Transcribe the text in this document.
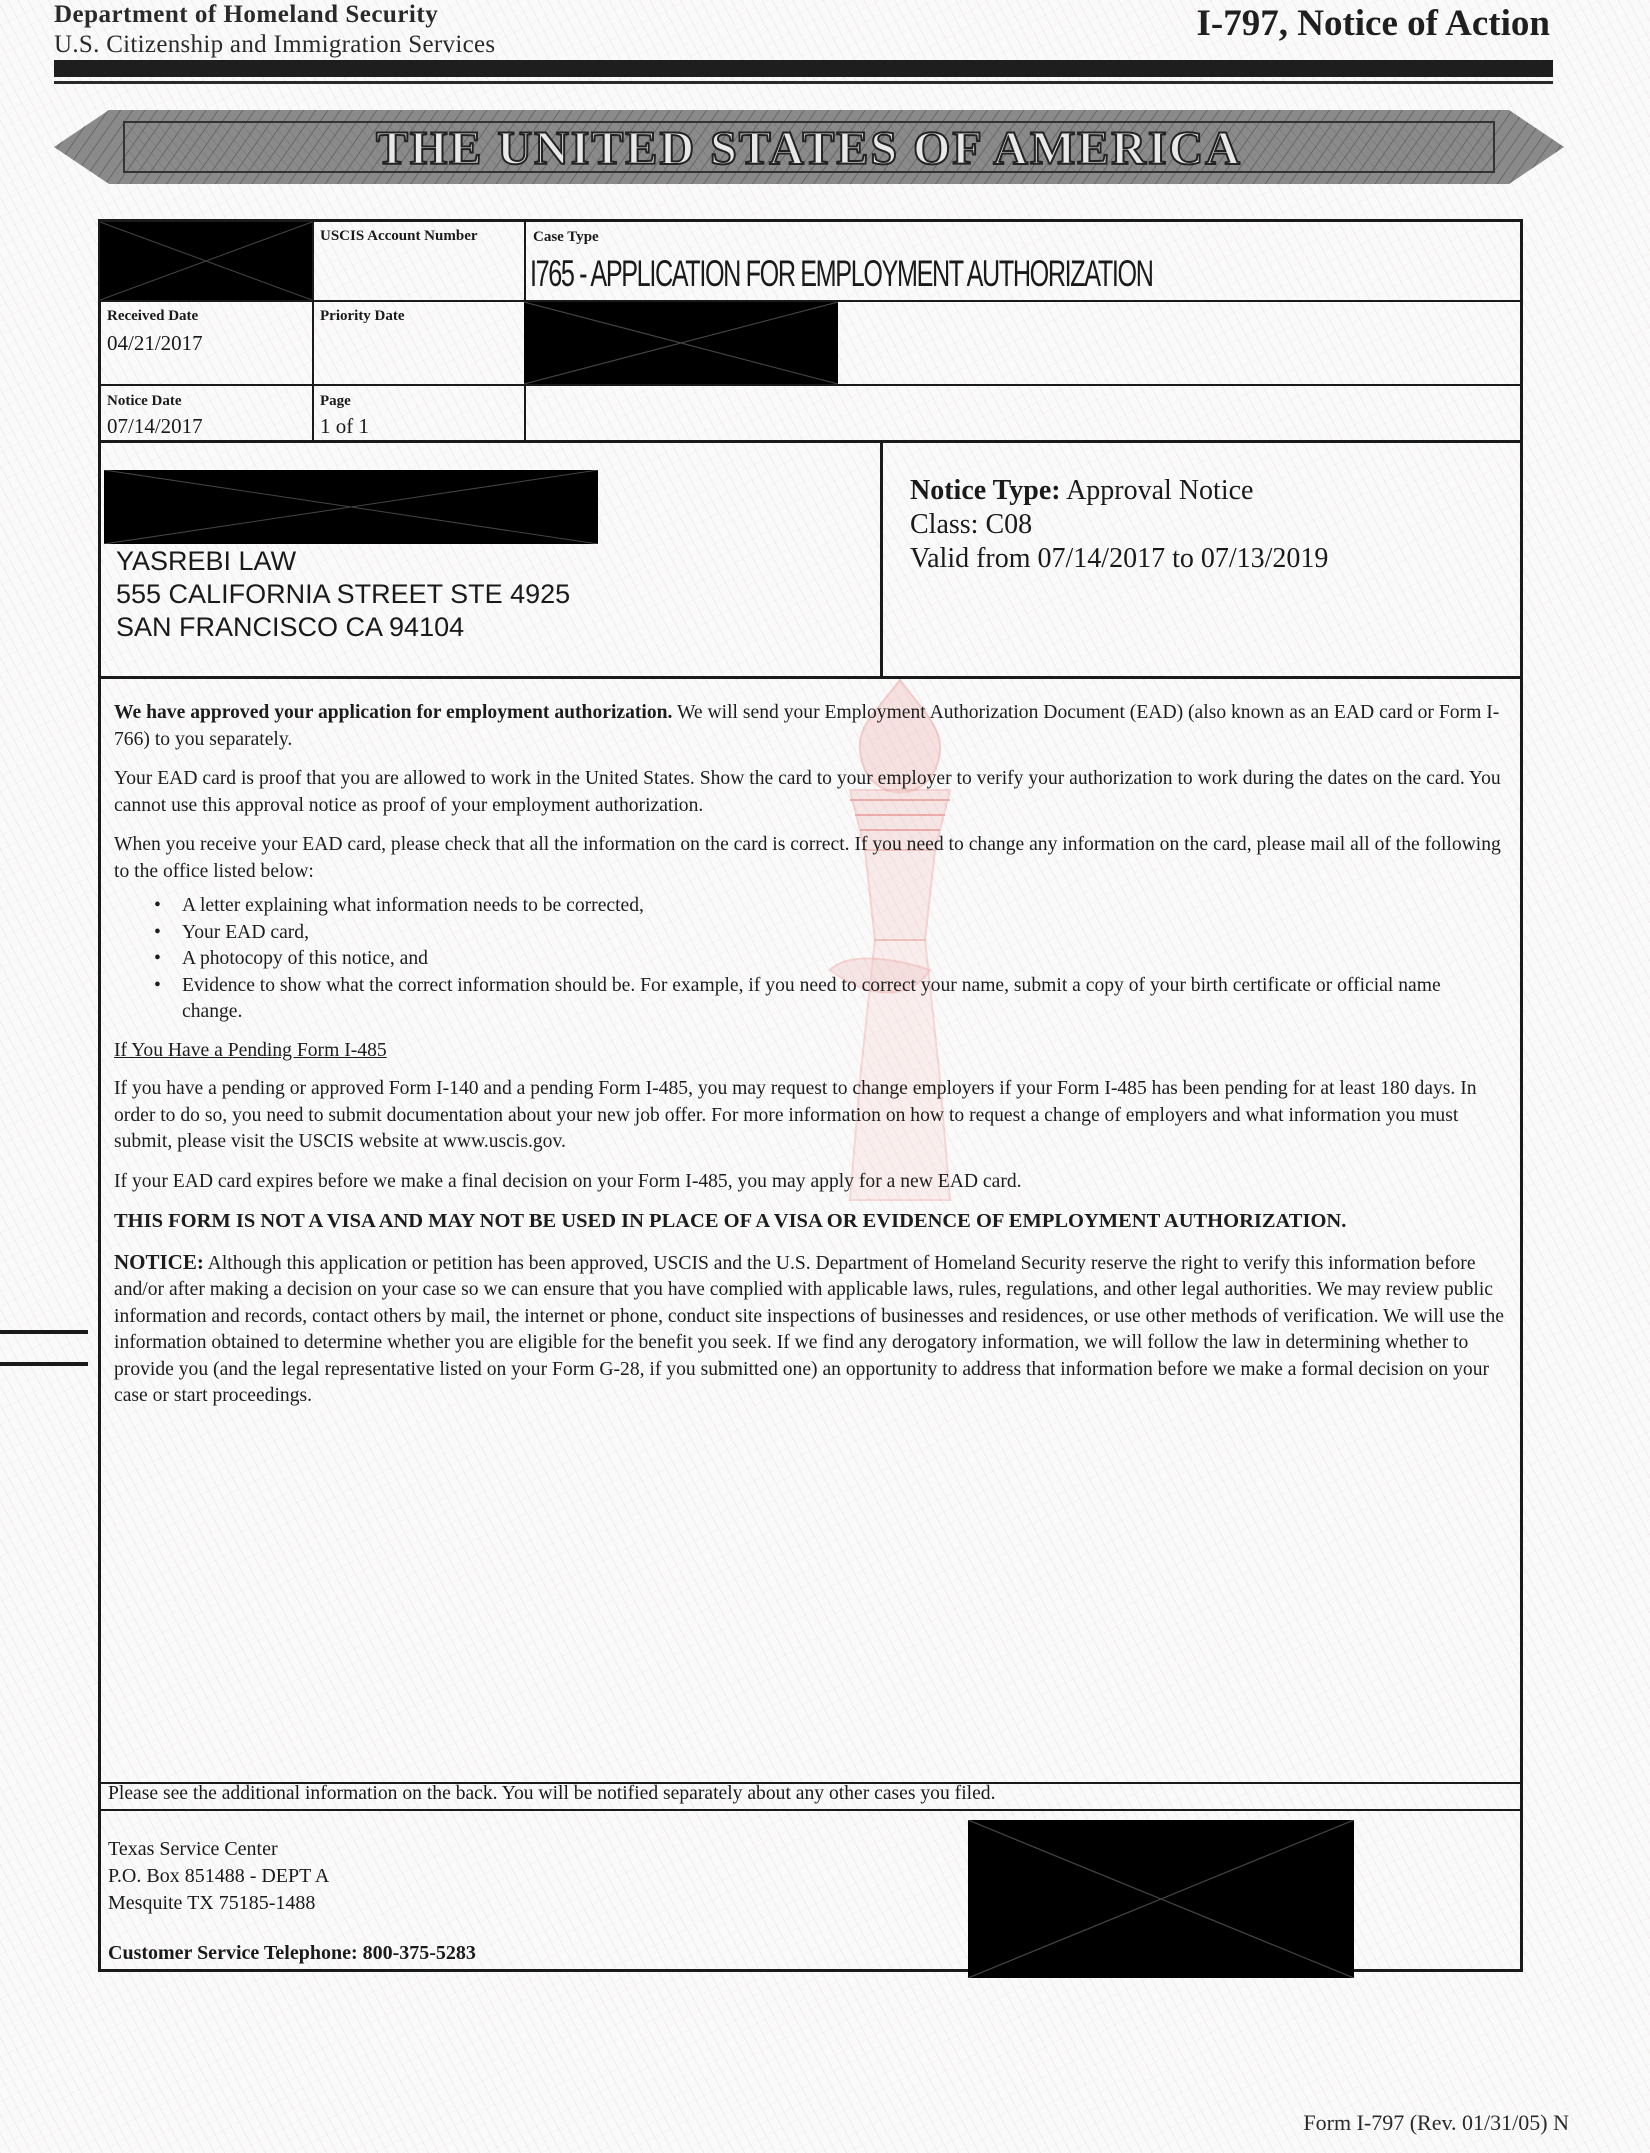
Department of Homeland Security
U.S. Citizenship and Immigration Services
I-797, Notice of Action
THE UNITED STATES OF AMERICA
USCIS Account Number	Case Type
I765 - APPLICATION FOR EMPLOYMENT AUTHORIZATION
Received Date
04/21/2017
Priority Date
Notice Date
07/14/2017
Page
1 of 1
YASREBI LAW
555 CALIFORNIA STREET STE 4925
SAN FRANCISCO CA 94104
Notice Type: Approval Notice
Class: C08
Valid from 07/14/2017 to 07/13/2019

We have approved your application for employment authorization. We will send your Employment Authorization Document (EAD) (also known as an EAD card or Form I-766) to you separately.

Your EAD card is proof that you are allowed to work in the United States. Show the card to your employer to verify your authorization to work during the dates on the card. You cannot use this approval notice as proof of your employment authorization.

When you receive your EAD card, please check that all the information on the card is correct. If you need to change any information on the card, please mail all of the following to the office listed below:

• A letter explaining what information needs to be corrected,
• Your EAD card,
• A photocopy of this notice, and
• Evidence to show what the correct information should be. For example, if you need to correct your name, submit a copy of your birth certificate or official name change.

If You Have a Pending Form I-485

If you have a pending or approved Form I-140 and a pending Form I-485, you may request to change employers if your Form I-485 has been pending for at least 180 days. In order to do so, you need to submit documentation about your new job offer. For more information on how to request a change of employers and what information you must submit, please visit the USCIS website at www.uscis.gov.

If your EAD card expires before we make a final decision on your Form I-485, you may apply for a new EAD card.

THIS FORM IS NOT A VISA AND MAY NOT BE USED IN PLACE OF A VISA OR EVIDENCE OF EMPLOYMENT AUTHORIZATION.

NOTICE: Although this application or petition has been approved, USCIS and the U.S. Department of Homeland Security reserve the right to verify this information before and/or after making a decision on your case so we can ensure that you have complied with applicable laws, rules, regulations, and other legal authorities. We may review public information and records, contact others by mail, the internet or phone, conduct site inspections of businesses and residences, or use other methods of verification. We will use the information obtained to determine whether you are eligible for the benefit you seek. If we find any derogatory information, we will follow the law in determining whether to provide you (and the legal representative listed on your Form G-28, if you submitted one) an opportunity to address that information before we make a formal decision on your case or start proceedings.

Please see the additional information on the back. You will be notified separately about any other cases you filed.
Texas Service Center
P.O. Box 851488 - DEPT A
Mesquite TX 75185-1488
Customer Service Telephone: 800-375-5283
Form I-797 (Rev. 01/31/05) N
